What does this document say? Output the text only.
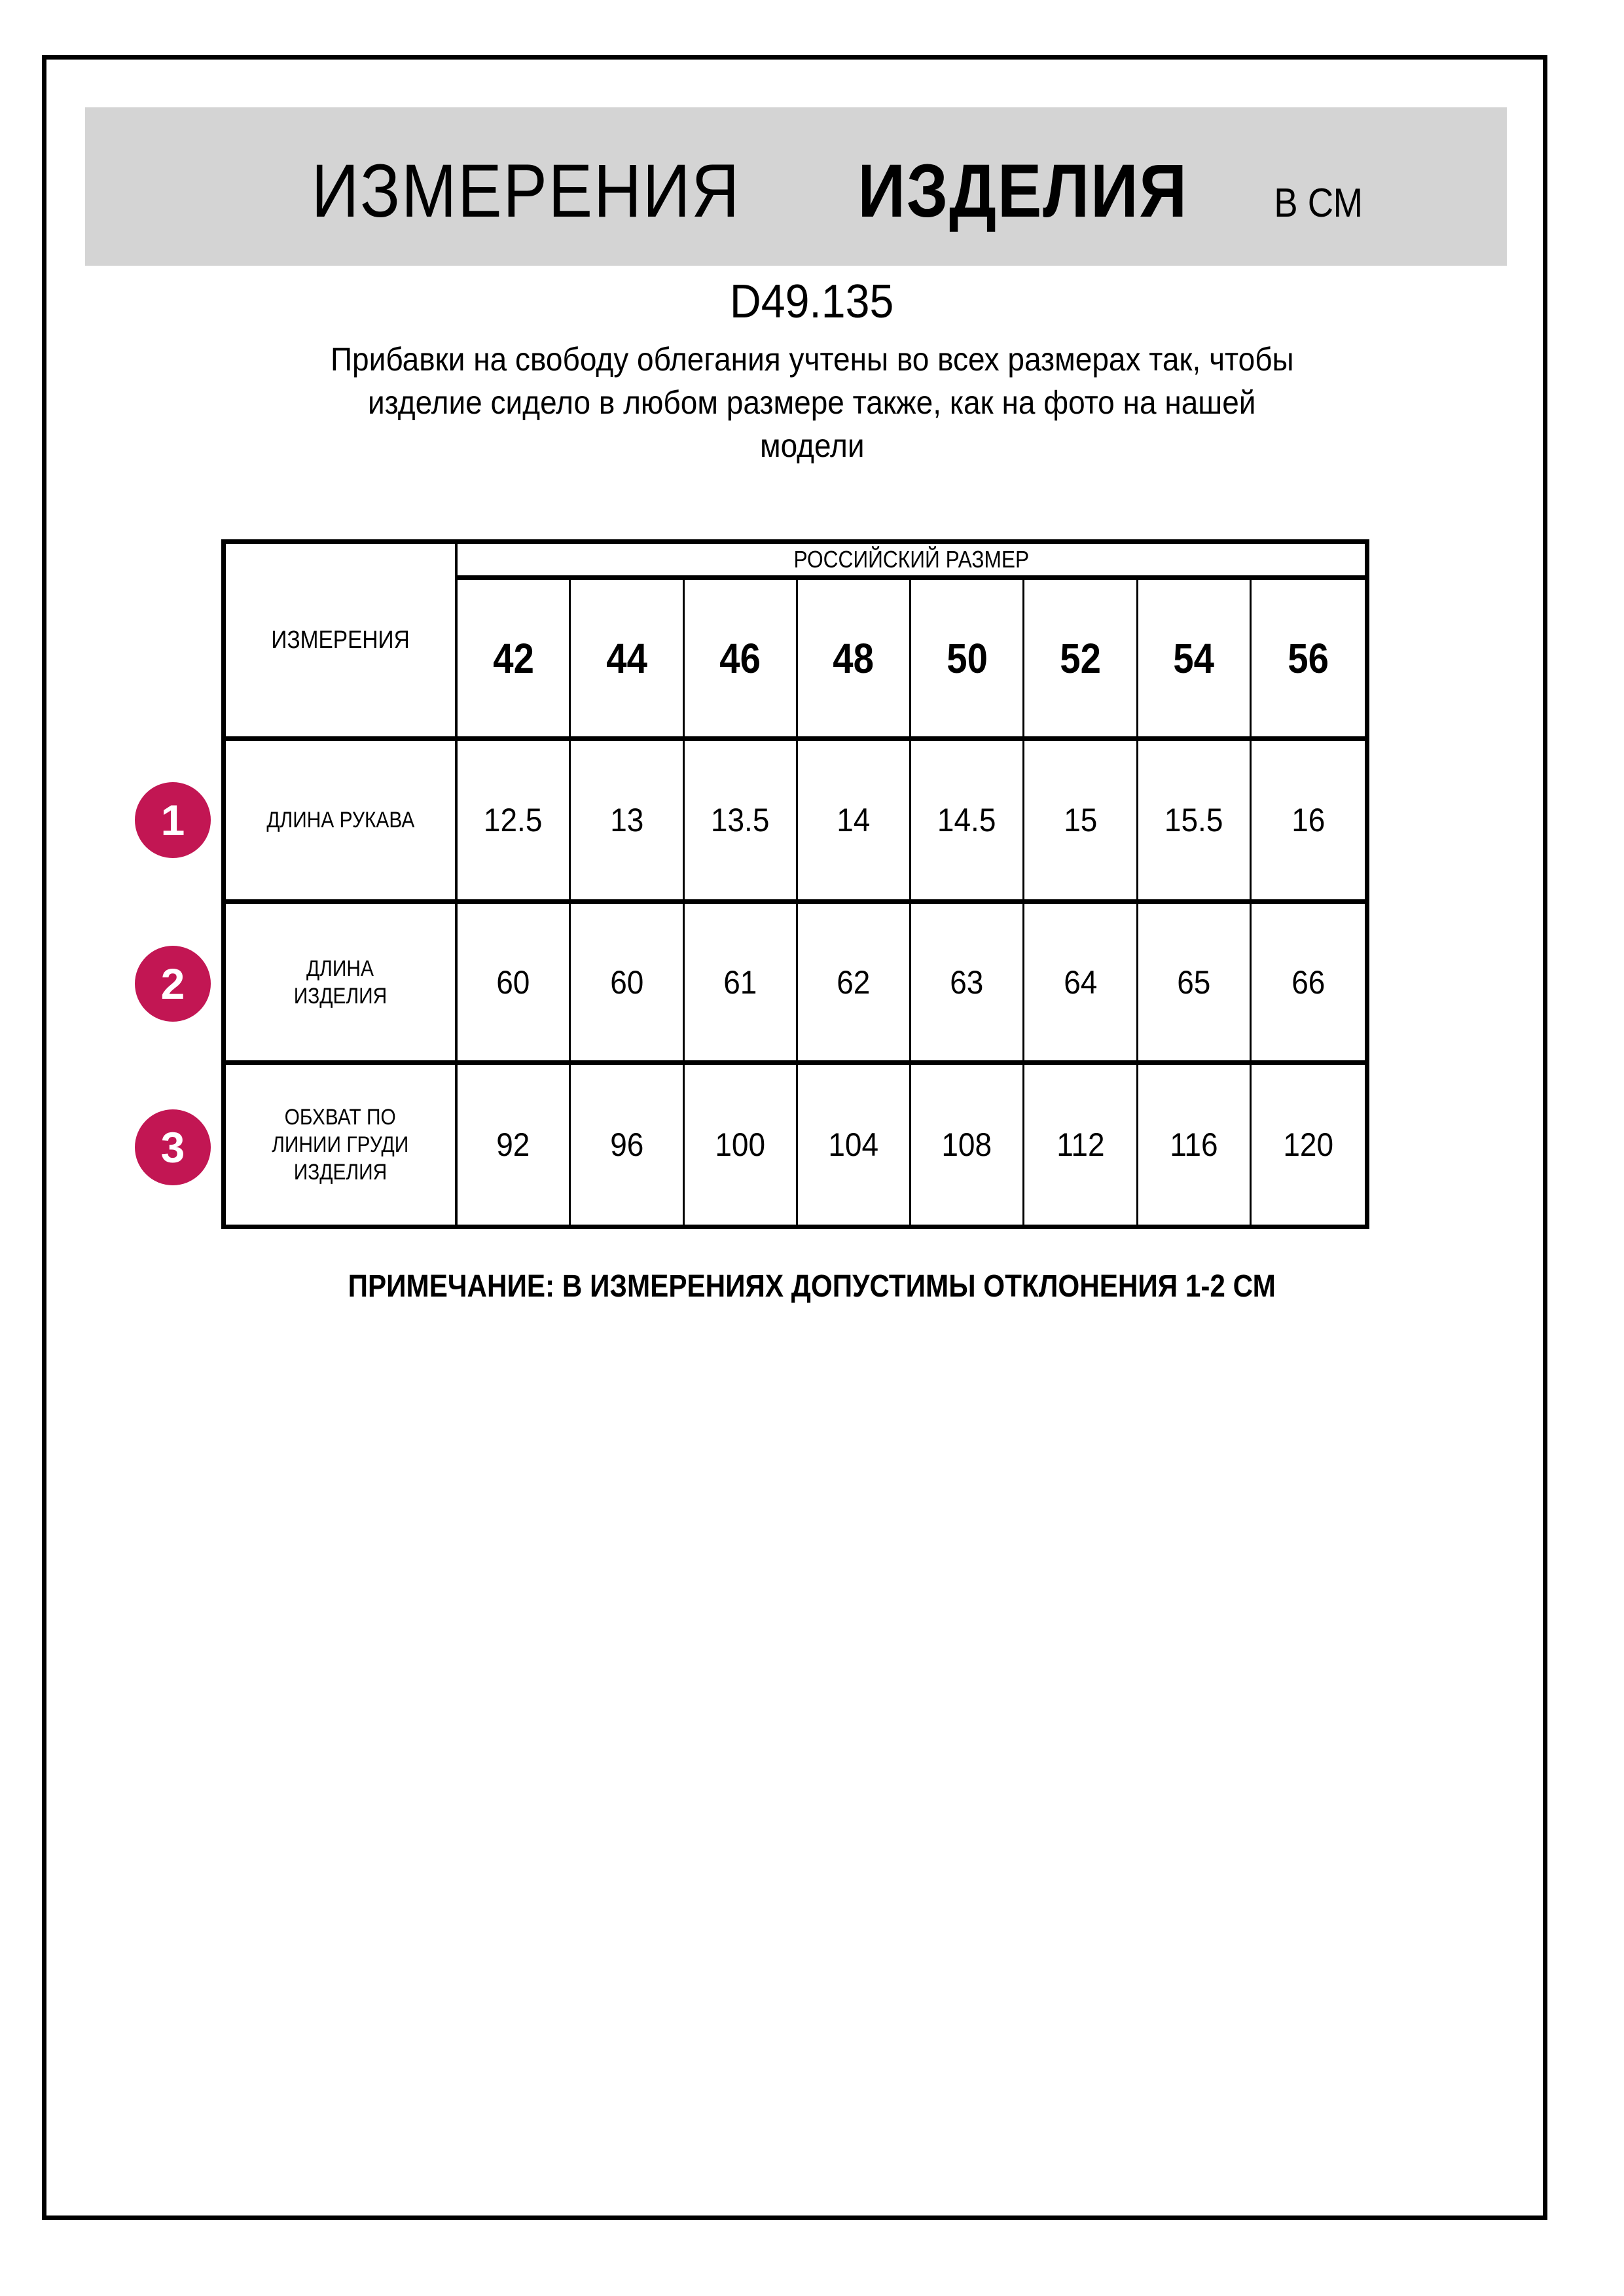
ИЗМЕРЕНИЯ ИЗДЕЛИЯ В СМ
D49.135
Прибавки на свободу облегания учтены во всех размерах так, чтобы
изделие сидело в любом размере также, как на фото на нашей
модели
ИЗМЕРЕНИЯ
РОССИЙСКИЙ РАЗМЕР
42 44 46 48 50 52 54 56
ДЛИНА РУКАВА 12.5 13 13.5 14 14.5 15 15.5 16
ДЛИНА
ИЗДЕЛИЯ	60 60 61 62 63 64 65 66
ОБХВАТ ПО
ЛИНИИ ГРУДИ
ИЗДЕЛИЯ
92 96 100 104 108 112 116 120
1
2
3
ПРИМЕЧАНИЕ: В ИЗМЕРЕНИЯХ ДОПУСТИМЫ ОТКЛОНЕНИЯ 1-2 СМ
